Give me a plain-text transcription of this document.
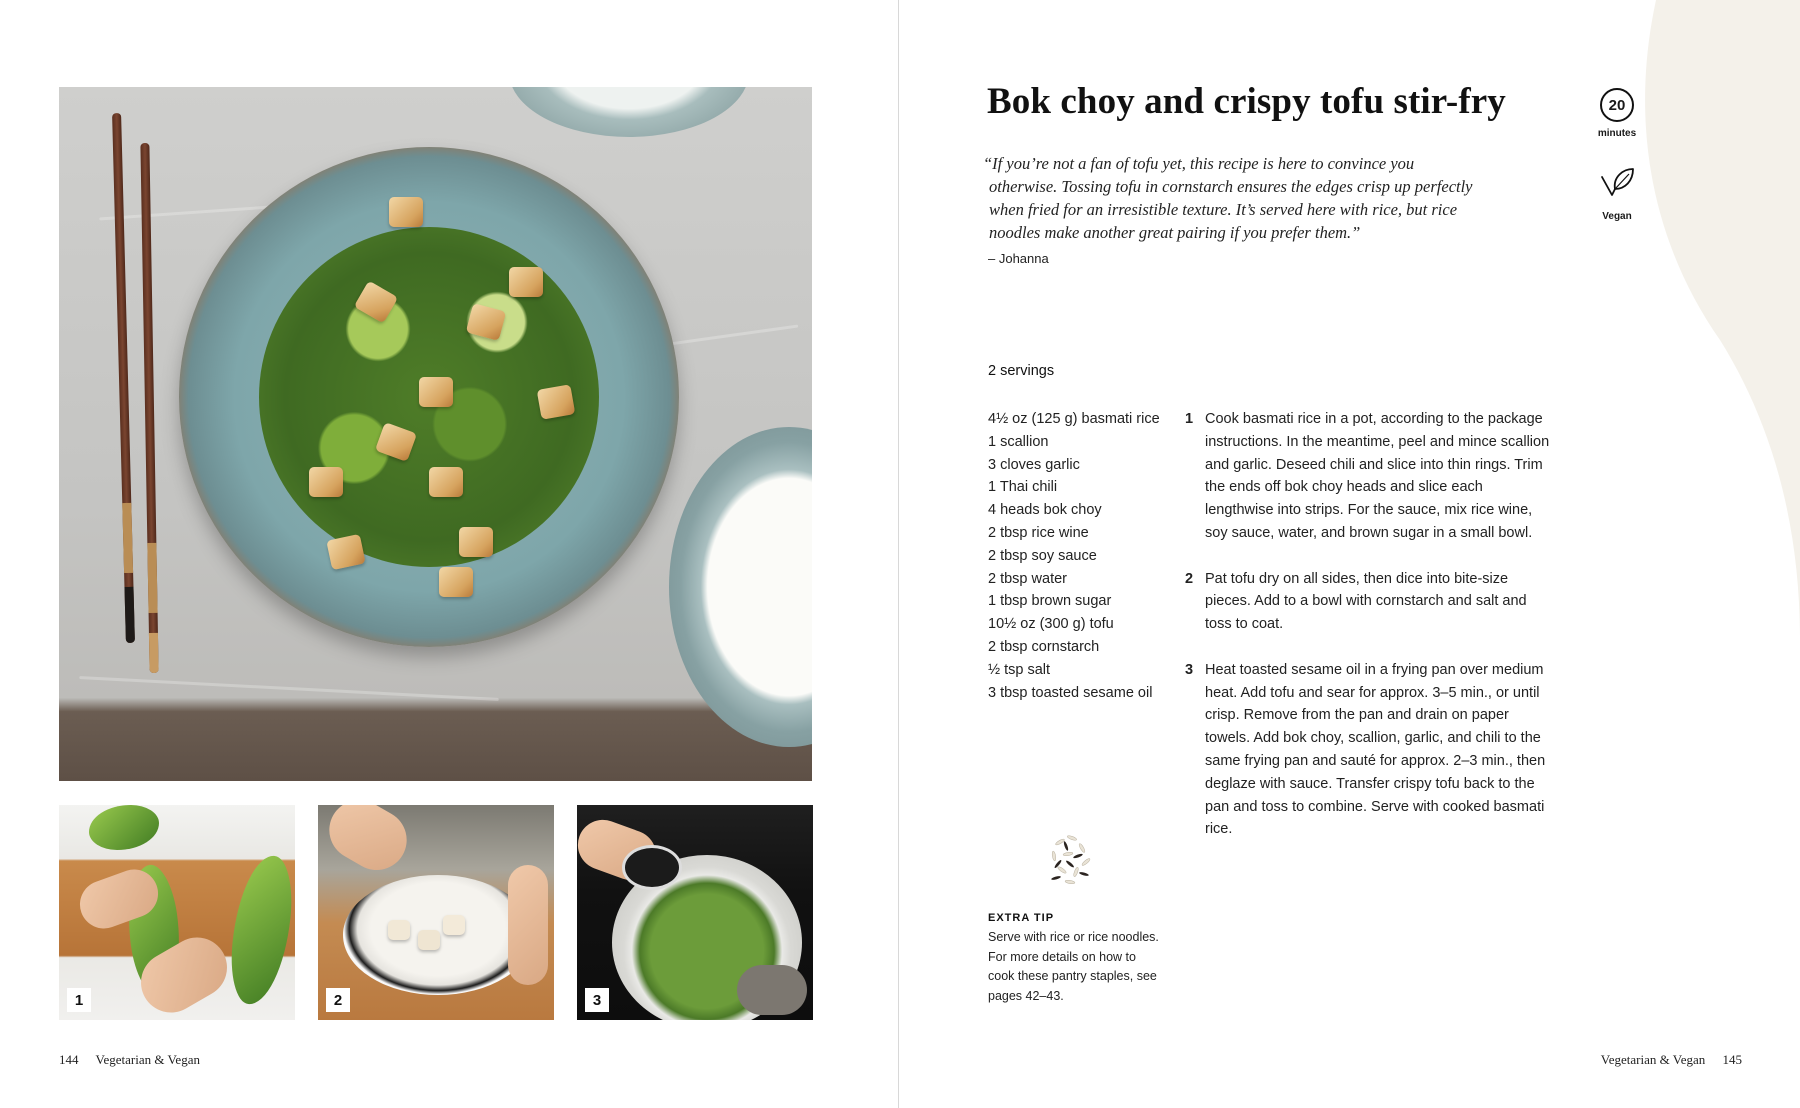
1	2	3
144 Vegetarian & Vegan
Bok choy and crispy tofu stir-fry
“If you’re not a fan of tofu yet, this recipe is here to convince you
otherwise. Tossing tofu in cornstarch ensures the edges crisp up perfectly
when fried for an irresistible texture. It’s served here with rice, but rice
noodles make another great pairing if you prefer them.”
– Johanna
20
minutes
Vegan
2 servings
4½ oz (125 g) basmati rice
1 scallion
3 cloves garlic
1 Thai chili
4 heads bok choy
2 tbsp rice wine
2 tbsp soy sauce
2 tbsp water
1 tbsp brown sugar
10½ oz (300 g) tofu
2 tbsp cornstarch
½ tsp salt
3 tbsp toasted sesame oil
1 Cook basmati rice in a pot, according to the package instructions. In the meantime, peel and mince scallion and garlic. Deseed chili and slice into thin rings. Trim the ends off bok choy heads and slice each lengthwise into strips. For the sauce, mix rice wine, soy sauce, water, and brown sugar in a small bowl.
2 Pat tofu dry on all sides, then dice into bite-size pieces. Add to a bowl with cornstarch and salt and toss to coat.
3 Heat toasted sesame oil in a frying pan over medium heat. Add tofu and sear for approx. 3–5 min., or until crisp. Remove from the pan and drain on paper towels. Add bok choy, scallion, garlic, and chili to the same frying pan and sauté for approx. 2–3 min., then deglaze with sauce. Transfer crispy tofu back to the pan and toss to combine. Serve with cooked basmati rice.
EXTRA TIP
Serve with rice or rice noodles. For more details on how to cook these pantry staples, see pages 42–43.
Vegetarian & Vegan 145
